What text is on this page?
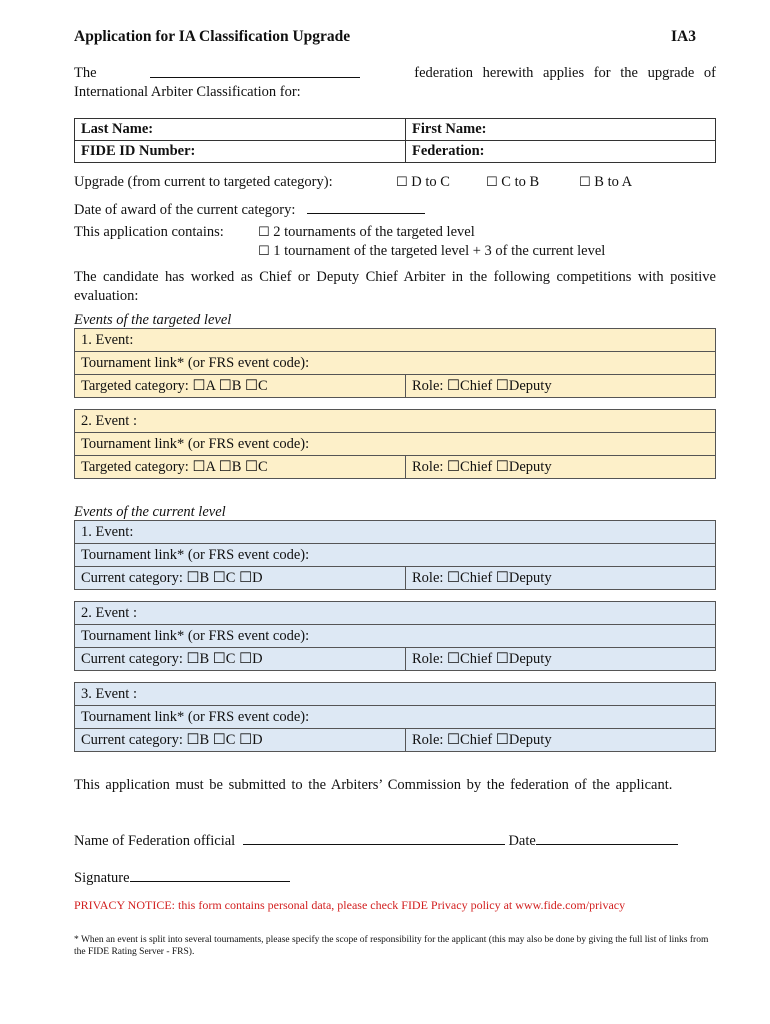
Application for IA Classification Upgrade	IA3
The	federation herewith applies for the upgrade of
International Arbiter Classification for:
Last Name:	First Name:
FIDE ID Number:	Federation:
Upgrade (from current to targeted category):	☐ D to C	☐ C to B	☐ B to A
Date of award of the current category:
This application contains:	☐ 2 tournaments of the targeted level
☐ 1 tournament of the targeted level + 3 of the current level
The candidate has worked as Chief or Deputy Chief Arbiter in the following competitions with positive evaluation:
Events of the targeted level
1. Event:
Tournament link* (or FRS event code):
Targeted category: ☐A ☐B ☐C	Role: ☐Chief ☐Deputy
2. Event :
Tournament link* (or FRS event code):
Targeted category: ☐A ☐B ☐C	Role: ☐Chief ☐Deputy
Events of the current level
1. Event:
Tournament link* (or FRS event code):
Current category: ☐B ☐C ☐D	Role: ☐Chief ☐Deputy
2. Event :
Tournament link* (or FRS event code):
Current category: ☐B ☐C ☐D	Role: ☐Chief ☐Deputy
3. Event :
Tournament link* (or FRS event code):
Current category: ☐B ☐C ☐D	Role: ☐Chief ☐Deputy
This application must be submitted to the Arbiters’ Commission by the federation of the applicant.
Name of Federation official	Date
Signature
PRIVACY NOTICE: this form contains personal data, please check FIDE Privacy policy at www.fide.com/privacy
* When an event is split into several tournaments, please specify the scope of responsibility for the applicant (this may also be done by giving the full list of links from the FIDE Rating Server - FRS).
